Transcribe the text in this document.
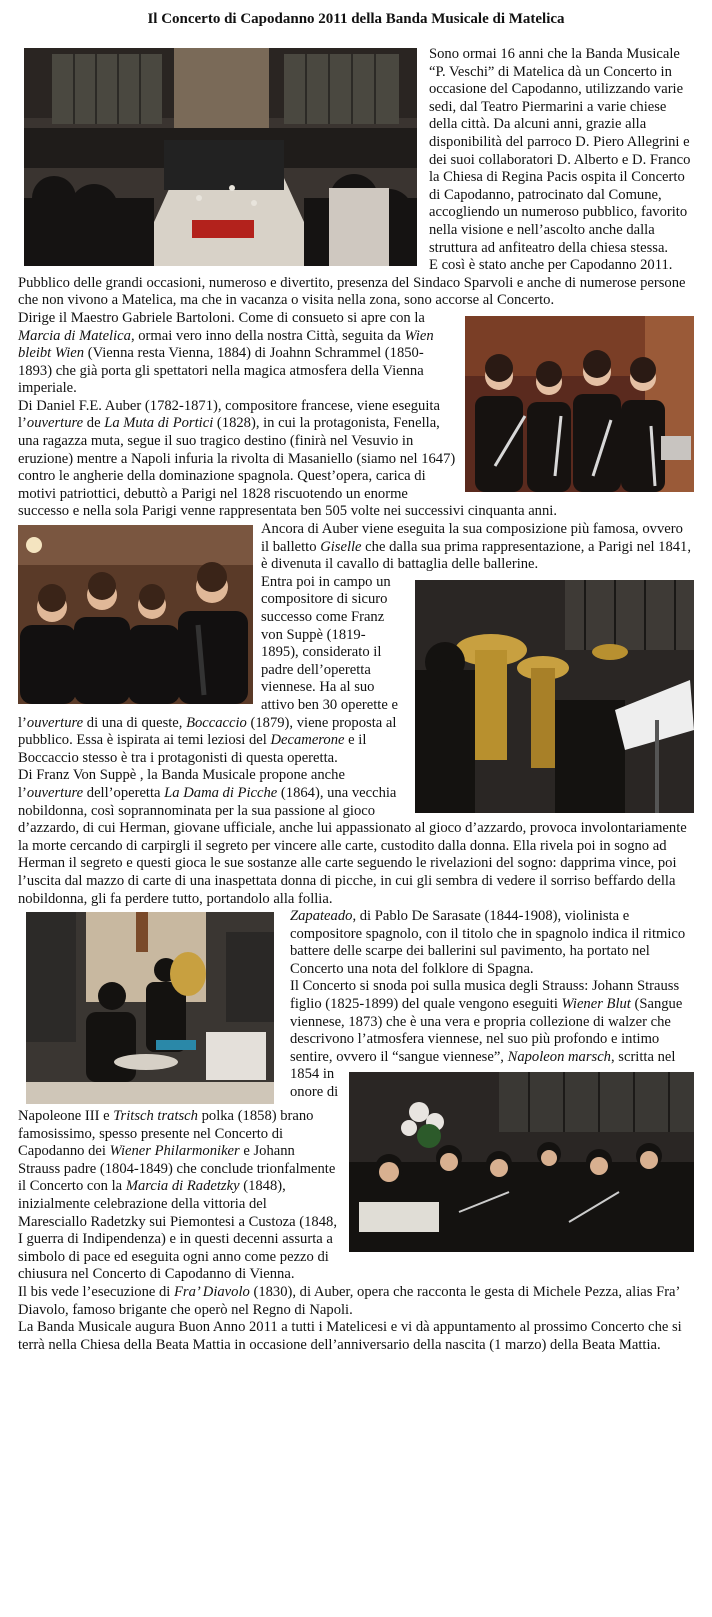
Il Concerto di Capodanno 2011 della Banda Musicale di Matelica

Sono ormai 16 anni che la Banda Musicale “P. Veschi” di Matelica dà un Concerto in occasione del Capodanno, utilizzando varie sedi, dal Teatro Piermarini a varie chiese della città. Da alcuni anni, grazie alla disponibilità del parroco D. Piero Allegrini e dei suoi collaboratori D. Alberto e D. Franco la Chiesa di Regina Pacis ospita il Concerto di Capodanno, patrocinato dal Comune, accogliendo un numeroso pubblico, favorito nella visione e nell’ascolto anche dalla struttura ad anfiteatro della chiesa stessa.

E così è stato anche per Capodanno 2011. Pubblico delle grandi occasioni, numeroso e divertito, presenza del Sindaco Sparvoli e anche di numerose persone che non vivono a Matelica, ma che in vacanza o visita nella zona, sono accorse al Concerto.

Dirige il Maestro Gabriele Bartoloni. Come di consueto si apre con la Marcia di Matelica, ormai vero inno della nostra Città, seguita da Wien bleibt Wien (Vienna resta Vienna, 1884) di Joahnn Schrammel (1850-1893) che già porta gli spettatori nella magica atmosfera della Vienna imperiale.

Di Daniel F.E. Auber (1782-1871), compositore francese, viene eseguita l’ouverture de La Muta di Portici (1828), in cui la protagonista, Fenella, una ragazza muta, segue il suo tragico destino (finirà nel Vesuvio in eruzione) mentre a Napoli infuria la rivolta di Masaniello (siamo nel 1647) contro le angherie della dominazione spagnola. Quest’opera, carica di motivi patriottici, debuttò a Parigi nel 1828 riscuotendo un enorme successo e nella sola Parigi venne rappresentata ben 505 volte nei successivi cinquanta anni.

Ancora di Auber viene eseguita la sua composizione più famosa, ovvero il balletto Giselle che dalla sua prima rappresentazione, a Parigi nel 1841, è divenuta il cavallo di battaglia delle ballerine.

Entra poi in campo un compositore di sicuro successo come Franz von Suppè (1819-1895), considerato il padre dell’operetta viennese. Ha al suo attivo ben 30 operette e l’ouverture di una di queste, Boccaccio (1879), viene proposta al pubblico. Essa è ispirata ai temi leziosi del Decamerone e il Boccaccio stesso è tra i protagonisti di questa operetta.

Di Franz Von Suppè , la Banda Musicale propone anche l’ouverture dell’operetta La Dama di Picche (1864), una vecchia nobildonna, così soprannominata per la sua passione al gioco d’azzardo, di cui Herman, giovane ufficiale, anche lui appassionato al gioco d’azzardo, provoca involontariamente la morte cercando di carpirgli il segreto per vincere alle carte, custodito dalla donna. Ella rivela poi in sogno ad Herman il segreto e questi gioca le sue sostanze alle carte seguendo le rivelazioni del sogno: dapprima vince, poi l’uscita dal mazzo di carte di una inaspettata donna di picche, in cui gli sembra di vedere il sorriso beffardo della nobildonna, gli fa perdere tutto, portandolo alla follia.

Zapateado, di Pablo De Sarasate (1844-1908), violinista e compositore spagnolo, con il titolo che in spagnolo indica il ritmico battere delle scarpe dei ballerini sul pavimento, ha portato nel Concerto una nota del folklore di Spagna.

Il Concerto si snoda poi sulla musica degli Strauss: Johann Strauss figlio (1825-1899) del quale vengono eseguiti Wiener Blut (Sangue viennese, 1873) che è una vera e propria collezione di walzer che descrivono l’atmosfera viennese, nel suo più profondo e intimo sentire, ovvero il “sangue viennese”, Napoleon marsch
, scritta nel 1854 in onore di Napoleone III e Tritsch tratsch polka (1858) brano famosissimo, spesso presente nel Concerto di Capodanno dei Wiener Philarmoniker e Johann Strauss padre (1804-1849) che conclude trionfalmente il Concerto con la Marcia di Radetzky (1848), inizialmente celebrazione della vittoria del Maresciallo Radetzky sui Piemontesi a Custoza (1848, I guerra di Indipendenza) e in questi decenni assurta a simbolo di pace ed eseguita ogni anno come pezzo di chiusura nel Concerto di Capodanno di Vienna.

Il bis vede l’esecuzione di Fra’ Diavolo (1830), di Auber, opera che racconta le gesta di Michele Pezza, alias Fra’ Diavolo, famoso brigante che operò nel Regno di Napoli.

La Banda Musicale augura Buon Anno 2011 a tutti i Matelicesi e vi dà appuntamento al prossimo Concerto che si terrà nella Chiesa della Beata Mattia in occasione dell’anniversario della nascita (1 marzo) della Beata Mattia.
